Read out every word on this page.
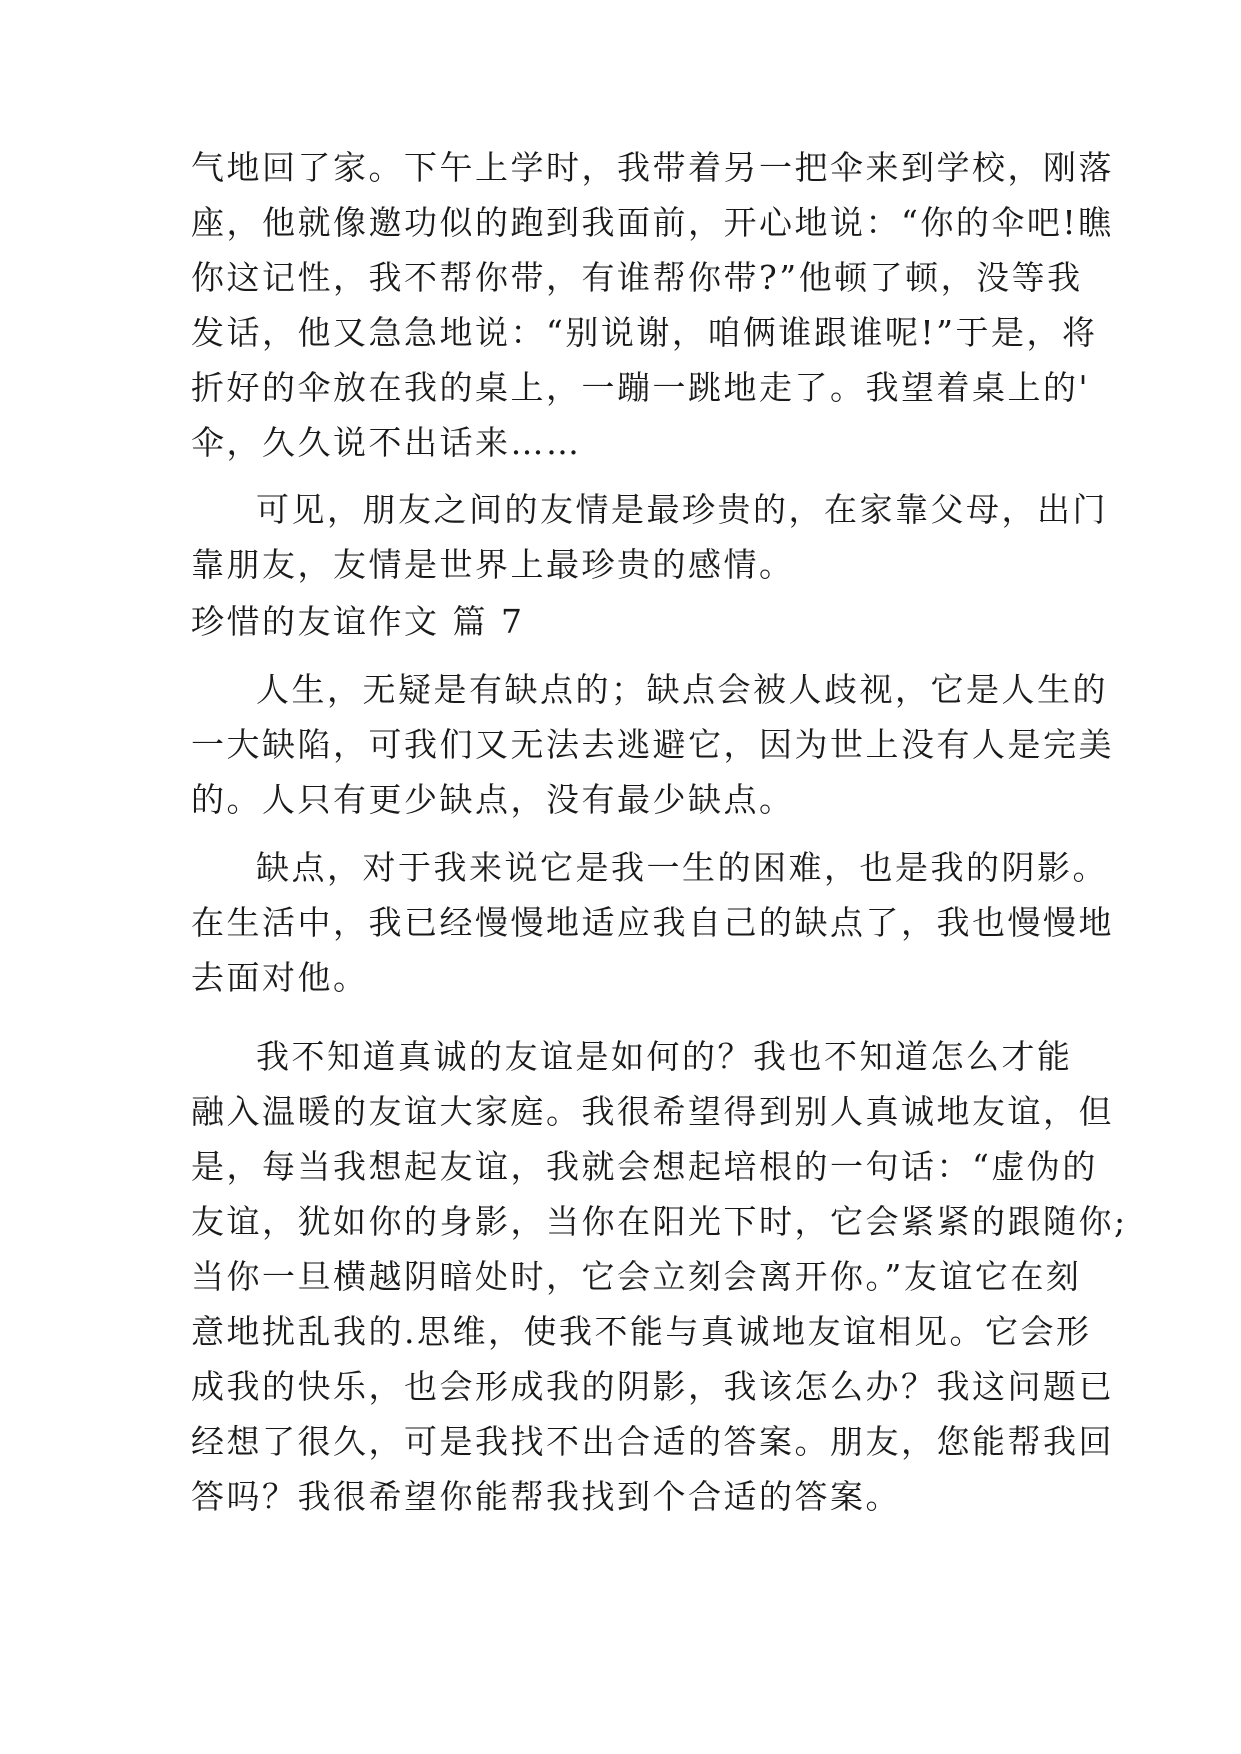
气地回了家。下午上学时，我带着另一把伞来到学校，刚落
座，他就像邀功似的跑到我面前，开心地说：“你的伞吧!瞧
你这记性，我不帮你带，有谁帮你带?”他顿了顿，没等我
发话，他又急急地说：“别说谢，咱俩谁跟谁呢!”于是，将
折好的伞放在我的桌上，一蹦一跳地走了。我望着桌上的'
伞，久久说不出话来……
可见，朋友之间的友情是最珍贵的，在家靠父母，出门
靠朋友，友情是世界上最珍贵的感情。
珍惜的友谊作文 篇 7
人生，无疑是有缺点的；缺点会被人歧视，它是人生的
一大缺陷，可我们又无法去逃避它，因为世上没有人是完美
的。人只有更少缺点，没有最少缺点。
缺点，对于我来说它是我一生的困难，也是我的阴影。
在生活中，我已经慢慢地适应我自己的缺点了，我也慢慢地
去面对他。
我不知道真诚的友谊是如何的？我也不知道怎么才能
融入温暖的友谊大家庭。我很希望得到别人真诚地友谊，但
是，每当我想起友谊，我就会想起培根的一句话：“虚伪的
友谊，犹如你的身影，当你在阳光下时，它会紧紧的跟随你;
当你一旦横越阴暗处时，它会立刻会离开你。”友谊它在刻
意地扰乱我的.思维，使我不能与真诚地友谊相见。它会形
成我的快乐，也会形成我的阴影，我该怎么办？我这问题已
经想了很久，可是我找不出合适的答案。朋友，您能帮我回
答吗？我很希望你能帮我找到个合适的答案。
